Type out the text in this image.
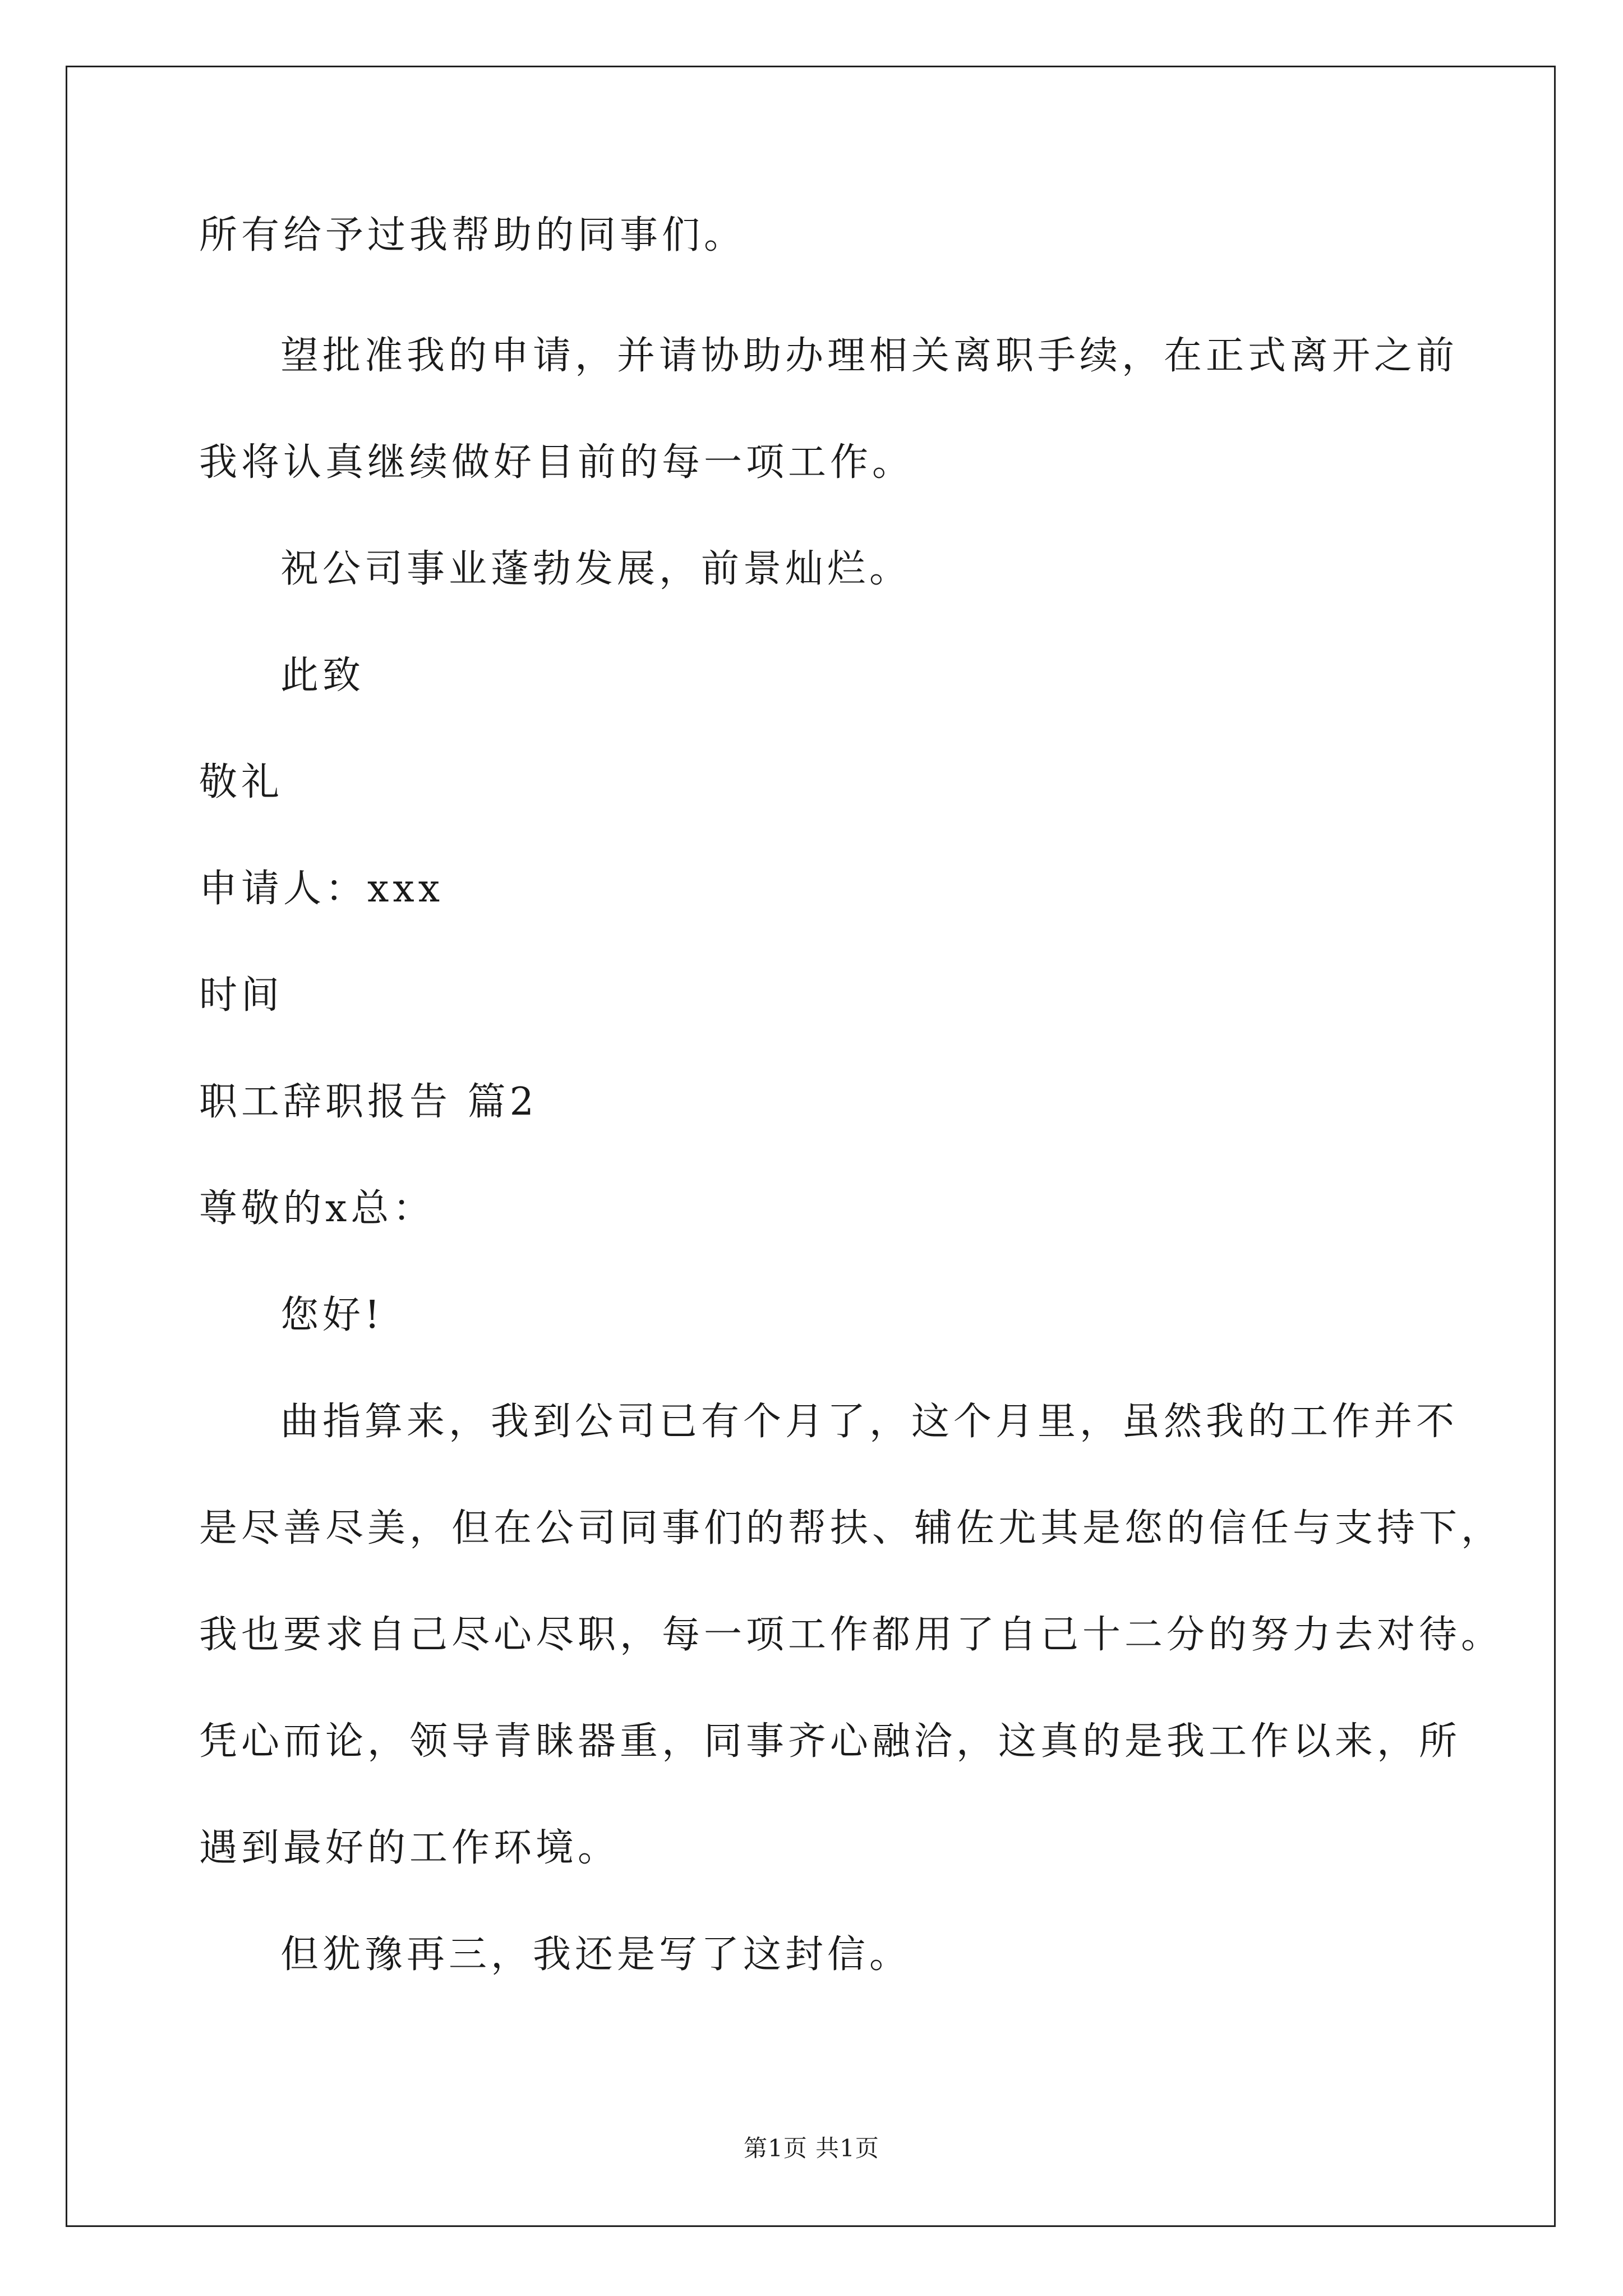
所有给予过我帮助的同事们。
望批准我的申请，并请协助办理相关离职手续，在正式离开之前
我将认真继续做好目前的每一项工作。
祝公司事业蓬勃发展，前景灿烂。
此致
敬礼
申请人：xxx
时间
职工辞职报告 篇2
尊敬的x总：
您好!
曲指算来，我到公司已有个月了，这个月里，虽然我的工作并不
是尽善尽美，但在公司同事们的帮扶、辅佐尤其是您的信任与支持下，
我也要求自己尽心尽职，每一项工作都用了自己十二分的努力去对待。
凭心而论，领导青睐器重，同事齐心融洽，这真的是我工作以来，所
遇到最好的工作环境。
但犹豫再三，我还是写了这封信。
第1页 共1页
